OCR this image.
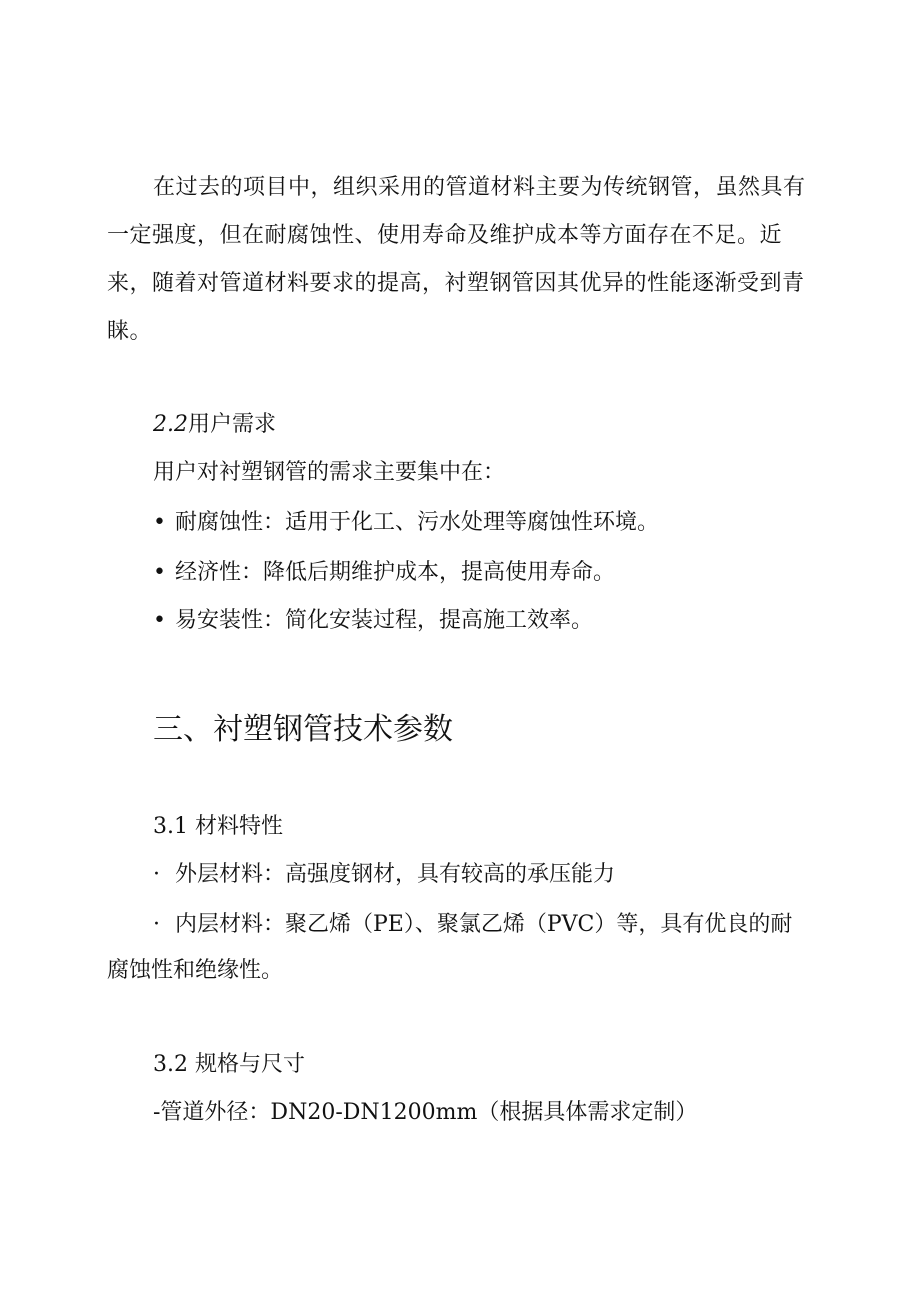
在过去的项目中，组织采用的管道材料主要为传统钢管，虽然具有一定强度，但在耐腐蚀性、使用寿命及维护成本等方面存在不足。近来，随着对管道材料要求的提高，衬塑钢管因其优异的性能逐渐受到青睐。

2.2用户需求

用户对衬塑钢管的需求主要集中在：

• 耐腐蚀性：适用于化工、污水处理等腐蚀性环境。

• 经济性：降低后期维护成本，提高使用寿命。

• 易安装性：简化安装过程，提高施工效率。

三、衬塑钢管技术参数

3.1 材料特性

· 外层材料：高强度钢材，具有较高的承压能力

· 内层材料：聚乙烯（PE）、聚氯乙烯（PVC）等，具有优良的耐腐蚀性和绝缘性。

3.2 规格与尺寸

-管道外径：DN20-DN1200mm（根据具体需求定制）
